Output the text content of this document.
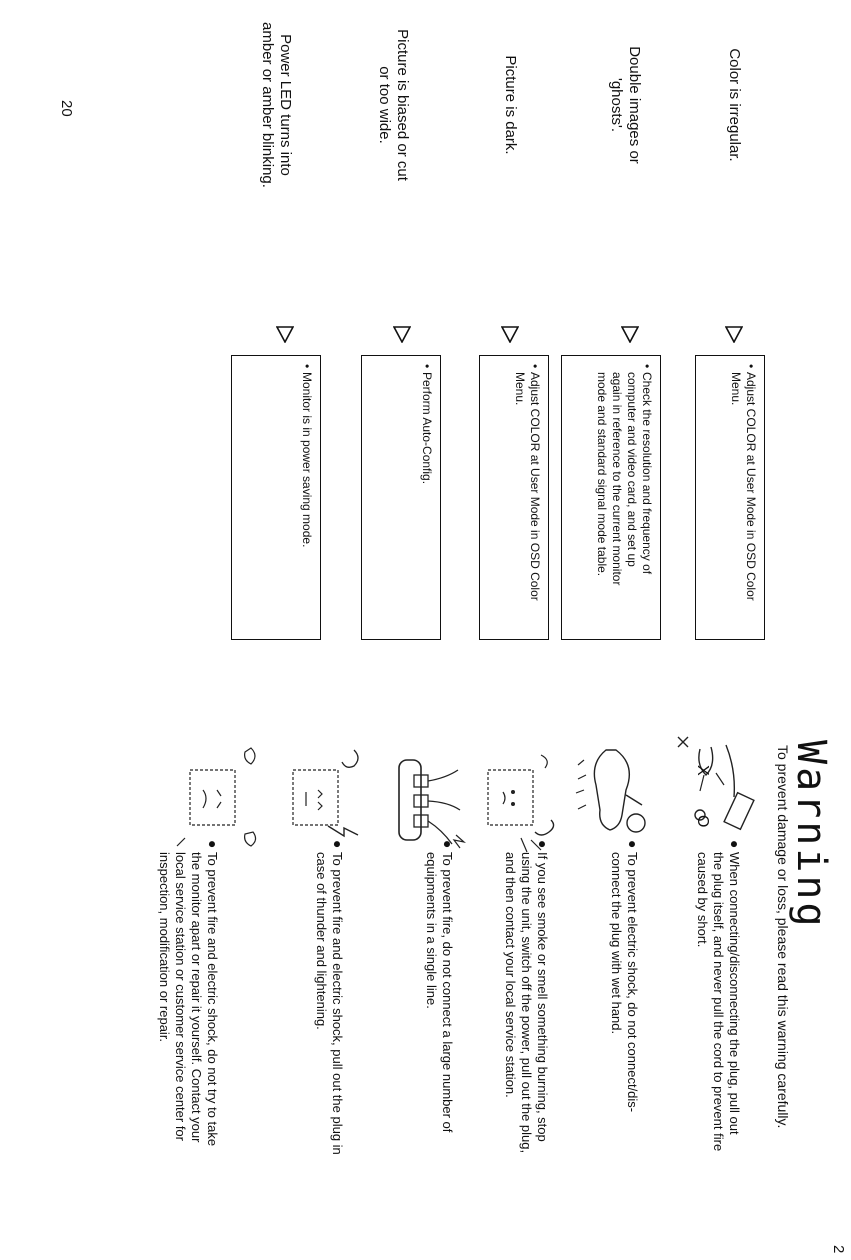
20	Color is irregular.
•Adjust COLOR at User Mode in OSD Color
Menu.
Double images or
'ghosts'.
•Check the resolution and frequency of
computer and video card, and set up
again in reference to the current monitor
mode and standard signal mode table.
Picture is dark.
•Adjust COLOR at User Mode in OSD Color
Menu.
Picture is biased or cut
or too wide.
•Perform Auto-Config.
Power LED turns into
amber or amber blinking.
•Monitor is in power saving mode.
Warning
To prevent damage or loss, please read this warning carefully.
●When connecting/disconnecting the plug, pull out
the plug itself, and never pull the cord to prevent fire
caused by short.
O
X
●To prevent electric shock, do not connect/dis-
connect the plug with wet hand.
●If you see smoke or smell something burning, stop
using the unit, switch off the power, pull out the plug,
and then contact your local service station.
●To prevent fire, do not connect a large number of
equipments in a single line.
●To prevent fire and electric shock, pull out the plug in
case of thunder and lightening.
●To prevent fire and electric shock, do not try to take
the monitor apart or repair it yourself. Contact your
local service station or customer service center for
inspection, modification or repair.
2
